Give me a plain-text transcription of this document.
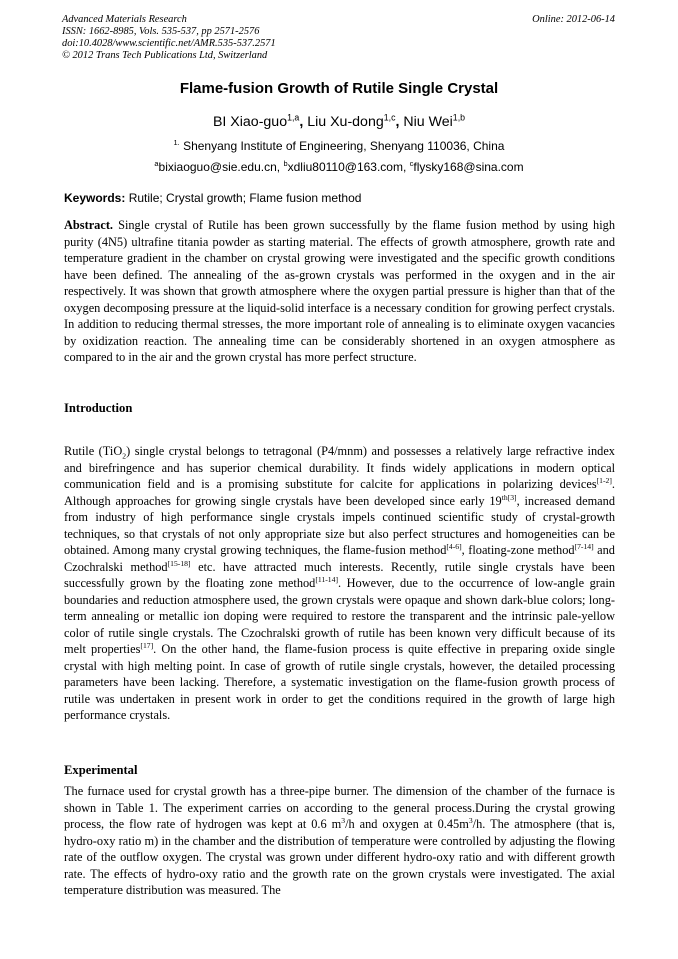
Advanced Materials Research
ISSN: 1662-8985, Vols. 535-537, pp 2571-2576
doi:10.4028/www.scientific.net/AMR.535-537.2571
© 2012 Trans Tech Publications Ltd, Switzerland
Online: 2012-06-14
Flame-fusion Growth of Rutile Single Crystal
BI Xiao-guo$^{1,a}$, Liu Xu-dong$^{1,c}$, Niu Wei$^{1,b}$
$^{1.}$ Shenyang Institute of Engineering, Shenyang 110036, China
$^a$bixiaoguo@sie.edu.cn, $^b$xdliu80110@163.com, $^c$flysky168@sina.com
Keywords: Rutile; Crystal growth; Flame fusion method
Abstract. Single crystal of Rutile has been grown successfully by the flame fusion method by using high purity (4N5) ultrafine titania powder as starting material. The effects of growth atmosphere, growth rate and temperature gradient in the chamber on crystal growing were investigated and the specific growth conditions have been defined. The annealing of the as-grown crystals was performed in the oxygen and in the air respectively. It was shown that growth atmosphere where the oxygen partial pressure is higher than that of the oxygen decomposing pressure at the liquid-solid interface is a necessary condition for growing perfect crystals. In addition to reducing thermal stresses, the more important role of annealing is to eliminate oxygen vacancies by oxidization reaction. The annealing time can be considerably shortened in an oxygen atmosphere as compared to in the air and the grown crystal has more perfect structure.
Introduction
Rutile (TiO$_2$) single crystal belongs to tetragonal (P4/mnm) and possesses a relatively large refractive index and birefringence and has superior chemical durability. It finds widely applications in modern optical communication field and is a promising substitute for calcite for applications in polarizing devices[1-2]. Although approaches for growing single crystals have been developed since early $19^{th[3]}$, increased demand from industry of high performance single crystals impels continued scientific study of crystal-growth techniques, so that crystals of not only appropriate size but also perfect structures and homogeneities can be obtained. Among many crystal growing techniques, the flame-fusion method[4-6], floating-zone method[7-14] and Czochralski method[15-18] etc. have attracted much interests. Recently, rutile single crystals have been successfully grown by the floating zone method[11-14]. However, due to the occurrence of low-angle grain boundaries and reduction atmosphere used, the grown crystals were opaque and shown dark-blue colors; long-term annealing or metallic ion doping were required to restore the transparent and the intrinsic pale-yellow color of rutile single crystals. The Czochralski growth of rutile has been known very difficult because of its melt properties[17]. On the other hand, the flame-fusion process is quite effective in preparing oxide single crystal with high melting point. In case of growth of rutile single crystals, however, the detailed processing parameters have been lacking. Therefore, a systematic investigation on the flame-fusion growth process of rutile was undertaken in present work in order to get the conditions required in the growth of large high performance crystals.
Experimental
The furnace used for crystal growth has a three-pipe burner. The dimension of the chamber of the furnace is shown in Table 1. The experiment carries on according to the general process.During the crystal growing process, the flow rate of hydrogen was kept at 0.6 $m^3/h$ and oxygen at $0.45m^3/h$. The atmosphere (that is, hydro-oxy ratio m) in the chamber and the distribution of temperature were controlled by adjusting the flowing rate of the outflow oxygen. The crystal was grown under different hydro-oxy ratio and with different growth rate. The effects of hydro-oxy ratio and the growth rate on the grown crystals were investigated. The axial temperature distribution was measured. The
